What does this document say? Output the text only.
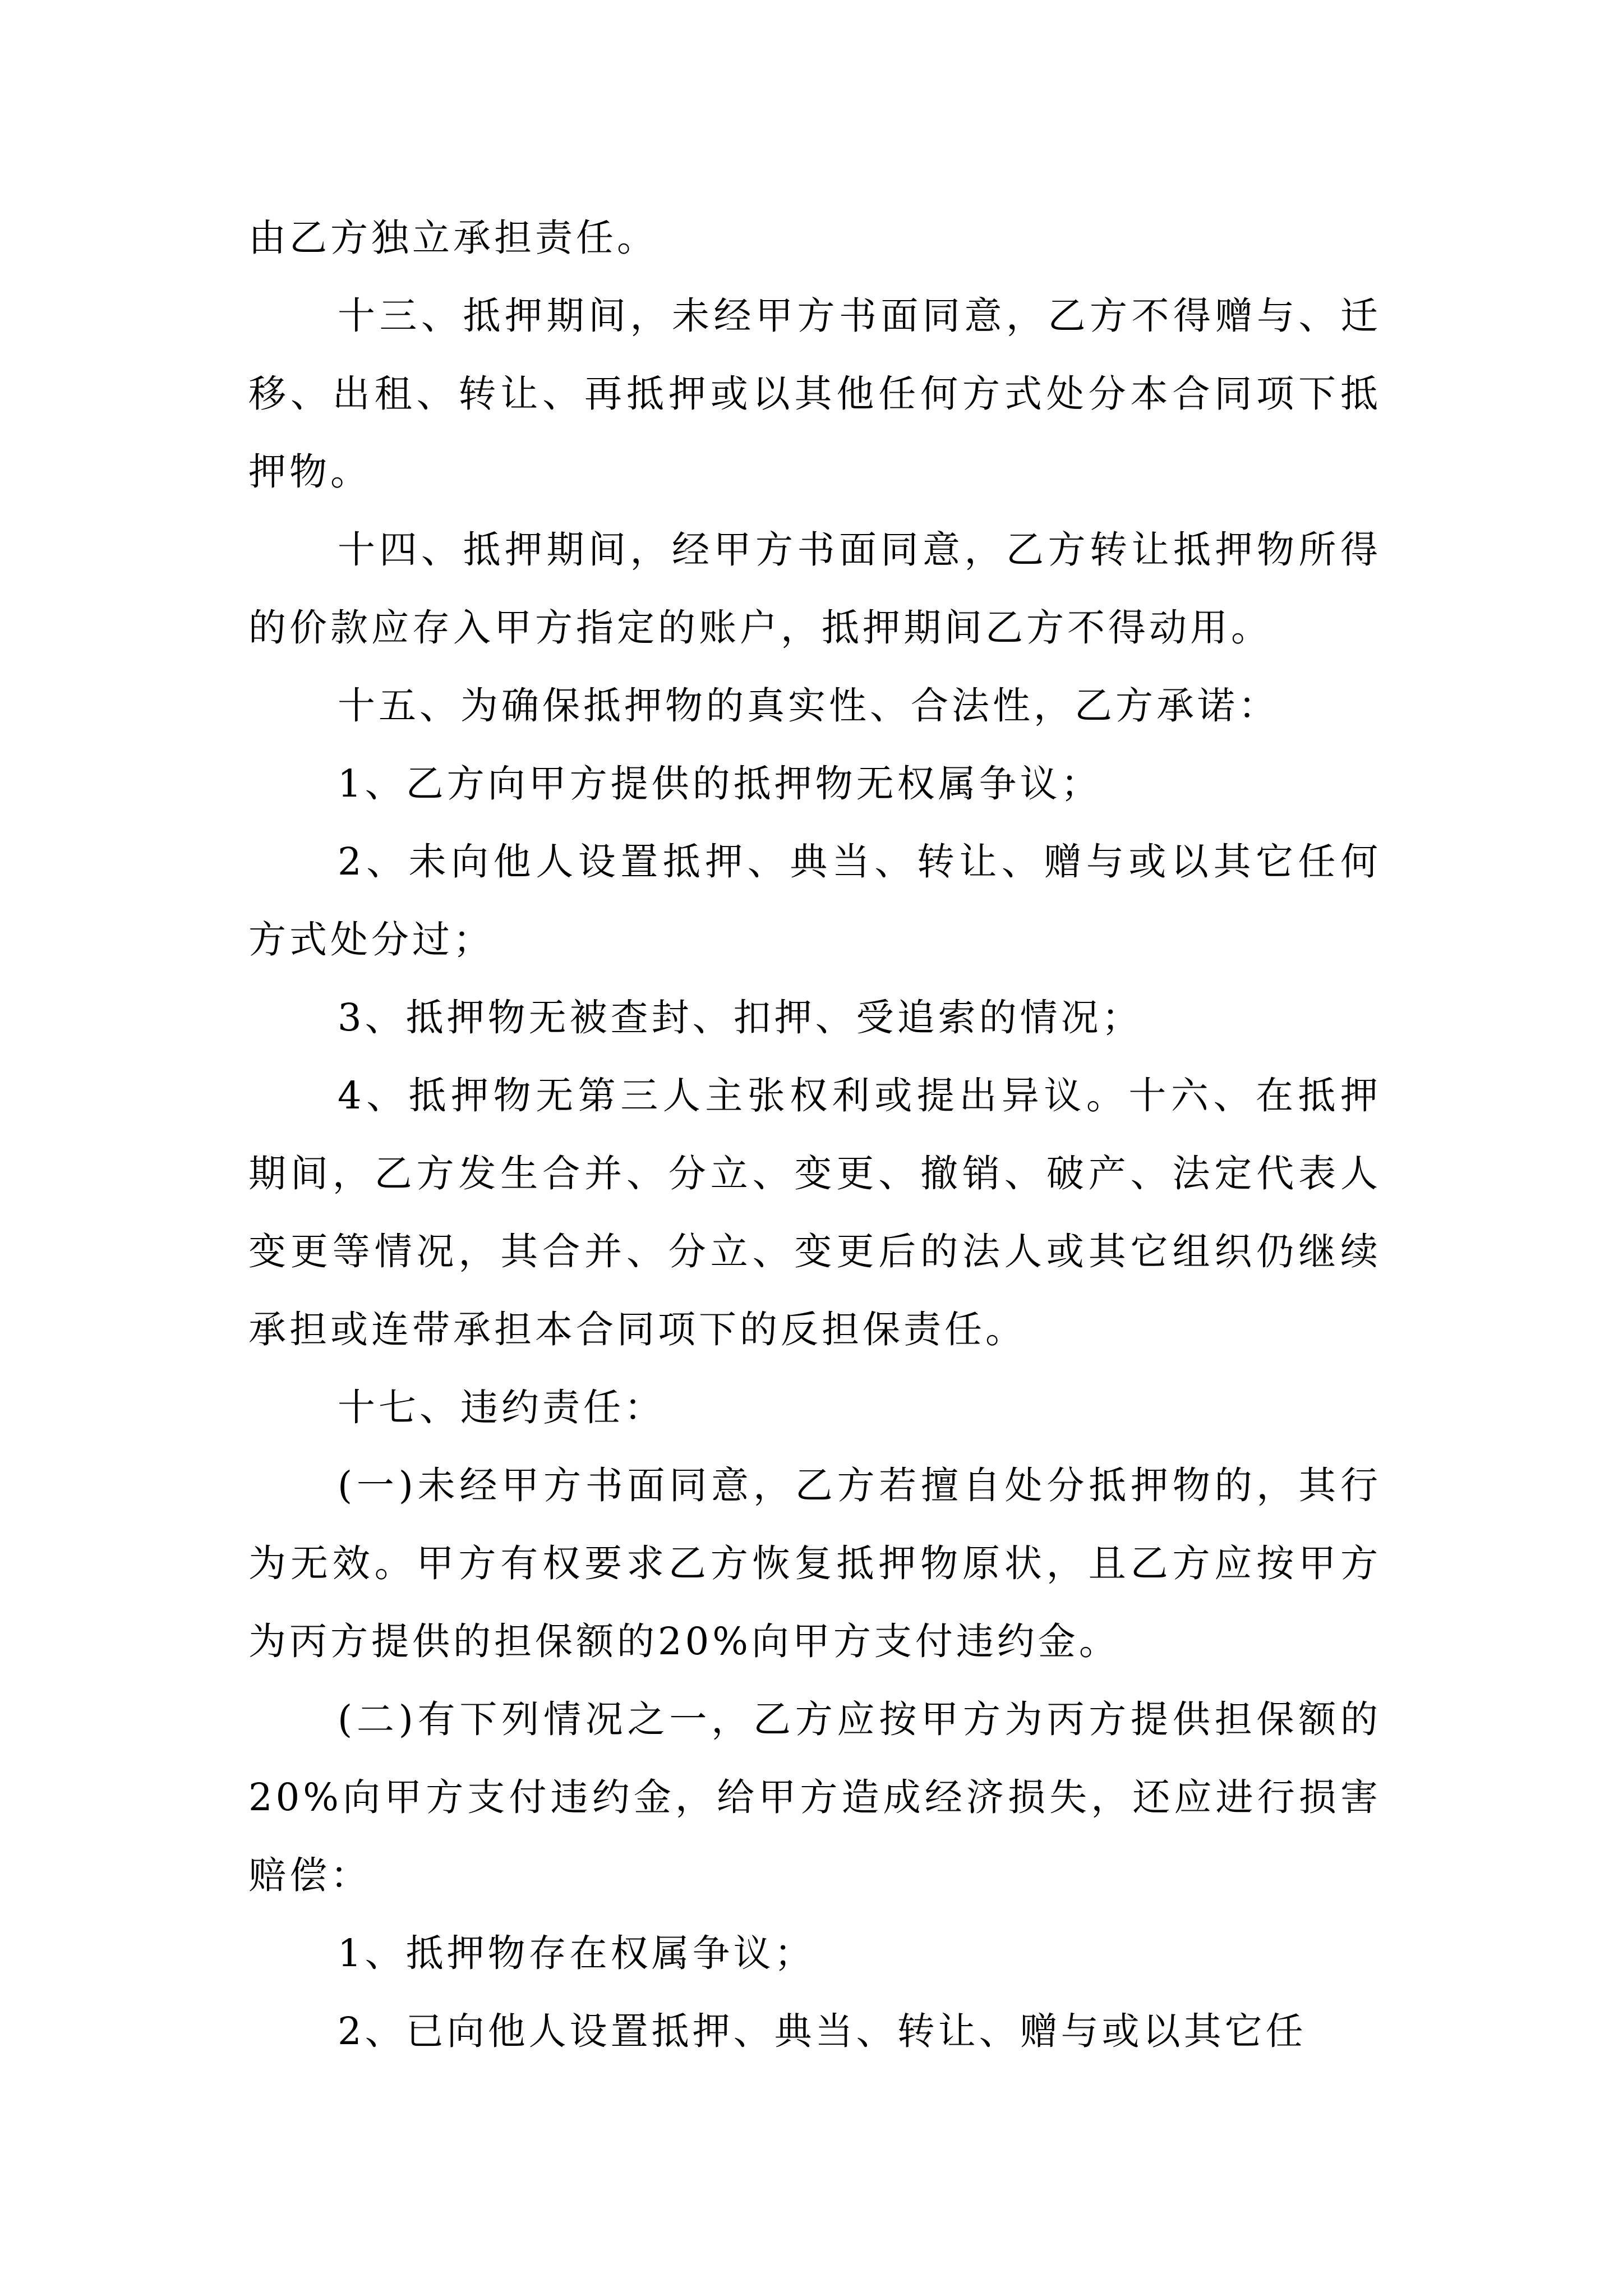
由乙方独立承担责任。

十三、抵押期间，未经甲方书面同意，乙方不得赠与、迁移、出租、转让、再抵押或以其他任何方式处分本合同项下抵押物。

十四、抵押期间，经甲方书面同意，乙方转让抵押物所得的价款应存入甲方指定的账户，抵押期间乙方不得动用。

十五、为确保抵押物的真实性、合法性，乙方承诺：

1、乙方向甲方提供的抵押物无权属争议；

2、未向他人设置抵押、典当、转让、赠与或以其它任何方式处分过；

3、抵押物无被查封、扣押、受追索的情况；

4、抵押物无第三人主张权利或提出异议。十六、在抵押期间，乙方发生合并、分立、变更、撤销、破产、法定代表人变更等情况，其合并、分立、变更后的法人或其它组织仍继续承担或连带承担本合同项下的反担保责任。

十七、违约责任：

(一)未经甲方书面同意，乙方若擅自处分抵押物的，其行为无效。甲方有权要求乙方恢复抵押物原状，且乙方应按甲方为丙方提供的担保额的20%向甲方支付违约金。

(二)有下列情况之一，乙方应按甲方为丙方提供担保额的20%向甲方支付违约金，给甲方造成经济损失，还应进行损害赔偿：

1、抵押物存在权属争议；

2、已向他人设置抵押、典当、转让、赠与或以其它任
